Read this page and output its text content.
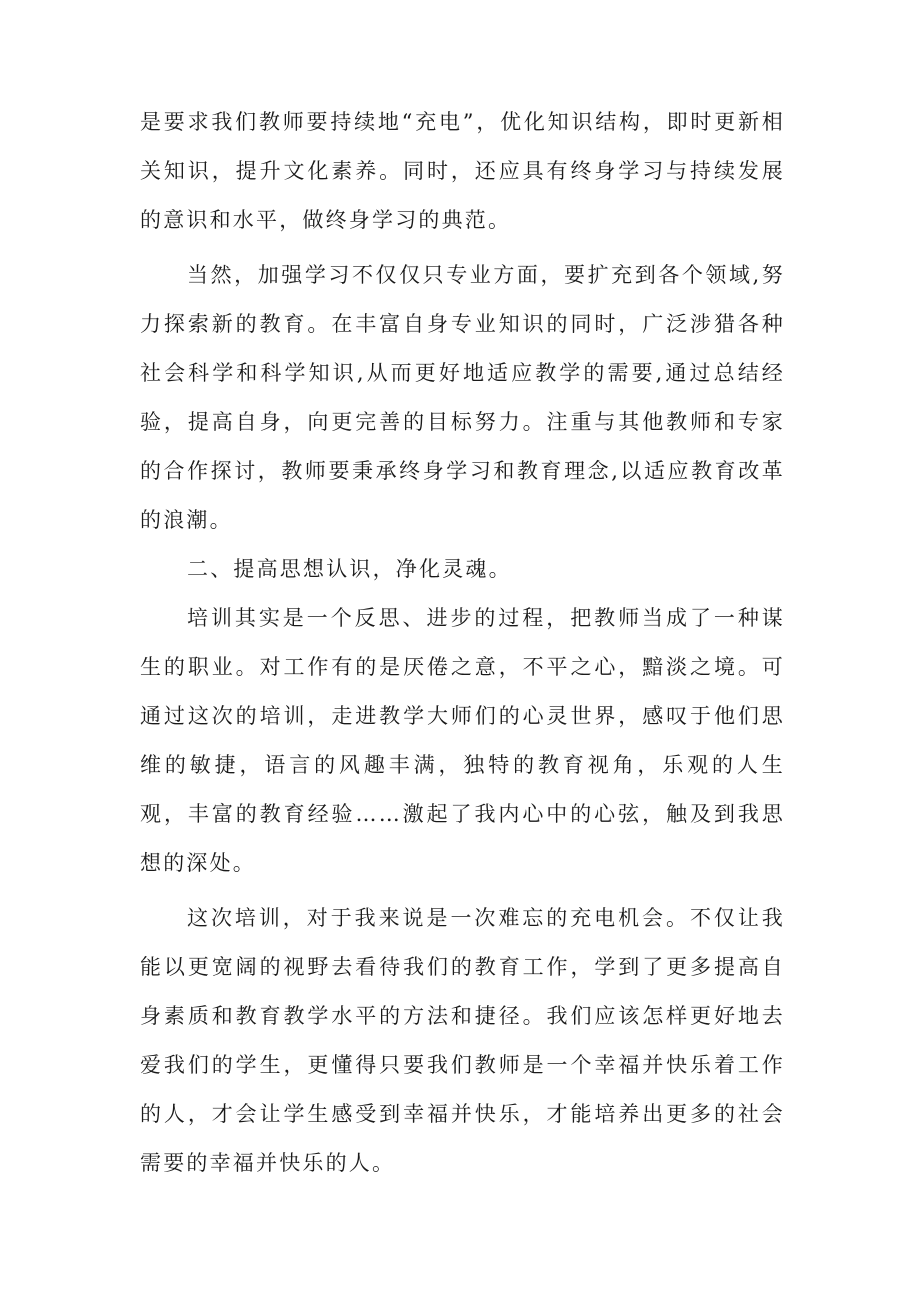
是要求我们教师要持续地“充电”，优化知识结构，即时更新相关知识，提升文化素养。同时，还应具有终身学习与持续发展的意识和水平，做终身学习的典范。

当然，加强学习不仅仅只专业方面，要扩充到各个领域,努力探索新的教育。在丰富自身专业知识的同时，广泛涉猎各种社会科学和科学知识,从而更好地适应教学的需要,通过总结经验，提高自身，向更完善的目标努力。注重与其他教师和专家的合作探讨，教师要秉承终身学习和教育理念,以适应教育改革的浪潮。

二、提高思想认识，净化灵魂。

培训其实是一个反思、进步的过程，把教师当成了一种谋生的职业。对工作有的是厌倦之意，不平之心，黯淡之境。可通过这次的培训，走进教学大师们的心灵世界，感叹于他们思维的敏捷，语言的风趣丰满，独特的教育视角，乐观的人生观，丰富的教育经验……激起了我内心中的心弦，触及到我思想的深处。

这次培训，对于我来说是一次难忘的充电机会。不仅让我能以更宽阔的视野去看待我们的教育工作，学到了更多提高自身素质和教育教学水平的方法和捷径。我们应该怎样更好地去爱我们的学生，更懂得只要我们教师是一个幸福并快乐着工作的人，才会让学生感受到幸福并快乐，才能培养出更多的社会需要的幸福并快乐的人。
